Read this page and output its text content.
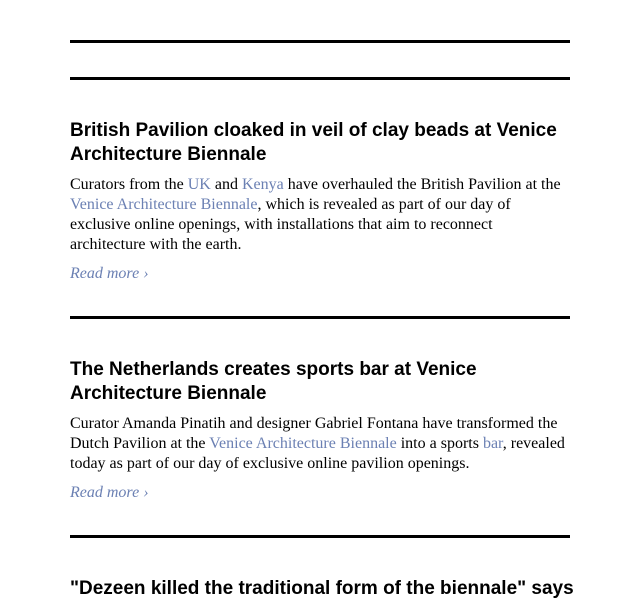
British Pavilion cloaked in veil of clay beads at Venice
Architecture Biennale

Curators from the UK and Kenya have overhauled the British Pavilion at the
Venice Architecture Biennale, which is revealed as part of our day of
exclusive online openings, with installations that aim to reconnect
architecture with the earth.

Read more ›
The Netherlands creates sports bar at Venice
Architecture Biennale

Curator Amanda Pinatih and designer Gabriel Fontana have transformed the
Dutch Pavilion at the Venice Architecture Biennale into a sports bar, revealed
today as part of our day of exclusive online pavilion openings.

Read more ›
"Dezeen killed the traditional form of the biennale" says
